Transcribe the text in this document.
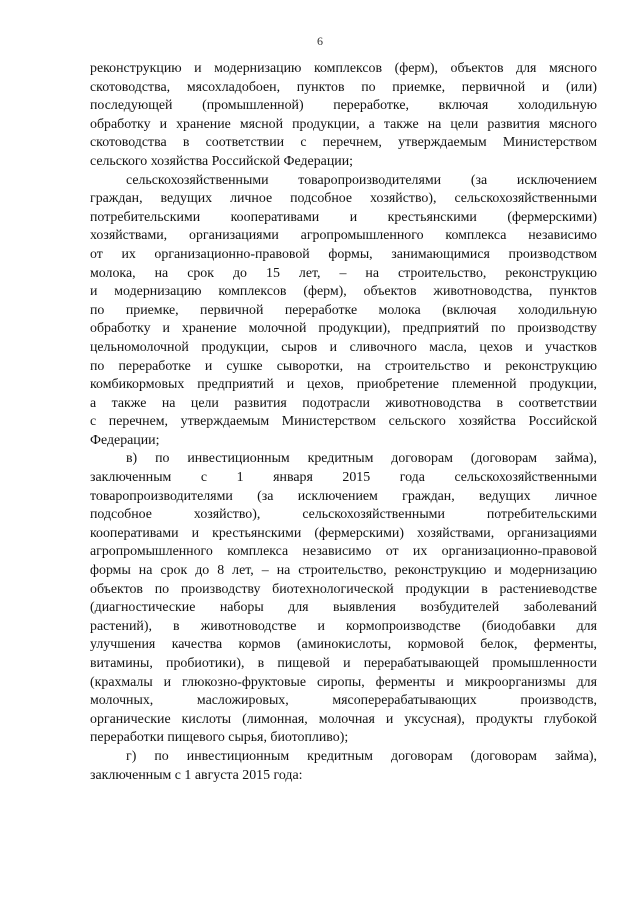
6

реконструкцию и модернизацию комплексов (ферм), объектов для мясного
скотоводства, мясохладобоен, пунктов по приемке, первичной и (или)
последующей (промышленной) переработке, включая холодильную
обработку и хранение мясной продукции, а также на цели развития мясного
скотоводства в соответствии с перечнем, утверждаемым Министерством
сельского хозяйства Российской Федерации;

сельскохозяйственными товаропроизводителями (за исключением
граждан, ведущих личное подсобное хозяйство), сельскохозяйственными
потребительскими кооперативами и крестьянскими (фермерскими)
хозяйствами, организациями агропромышленного комплекса независимо
от их организационно-правовой формы, занимающимися производством
молока, на срок до 15 лет, – на строительство, реконструкцию
и модернизацию комплексов (ферм), объектов животноводства, пунктов
по приемке, первичной переработке молока (включая холодильную
обработку и хранение молочной продукции), предприятий по производству
цельномолочной продукции, сыров и сливочного масла, цехов и участков
по переработке и сушке сыворотки, на строительство и реконструкцию
комбикормовых предприятий и цехов, приобретение племенной продукции,
а также на цели развития подотрасли животноводства в соответствии
с перечнем, утверждаемым Министерством сельского хозяйства Российской
Федерации;

в) по инвестиционным кредитным договорам (договорам займа),
заключенным с 1 января 2015 года сельскохозяйственными
товаропроизводителями (за исключением граждан, ведущих личное
подсобное хозяйство), сельскохозяйственными потребительскими
кооперативами и крестьянскими (фермерскими) хозяйствами, организациями
агропромышленного комплекса независимо от их организационно-правовой
формы на срок до 8 лет, – на строительство, реконструкцию и модернизацию
объектов по производству биотехнологической продукции в растениеводстве
(диагностические наборы для выявления возбудителей заболеваний
растений), в животноводстве и кормопроизводстве (биодобавки для
улучшения качества кормов (аминокислоты, кормовой белок, ферменты,
витамины, пробиотики), в пищевой и перерабатывающей промышленности
(крахмалы и глюкозно-фруктовые сиропы, ферменты и микроорганизмы для
молочных, масложировых, мясоперерабатывающих производств,
органические кислоты (лимонная, молочная и уксусная), продукты глубокой
переработки пищевого сырья, биотопливо);

г) по инвестиционным кредитным договорам (договорам займа),
заключенным с 1 августа 2015 года:
